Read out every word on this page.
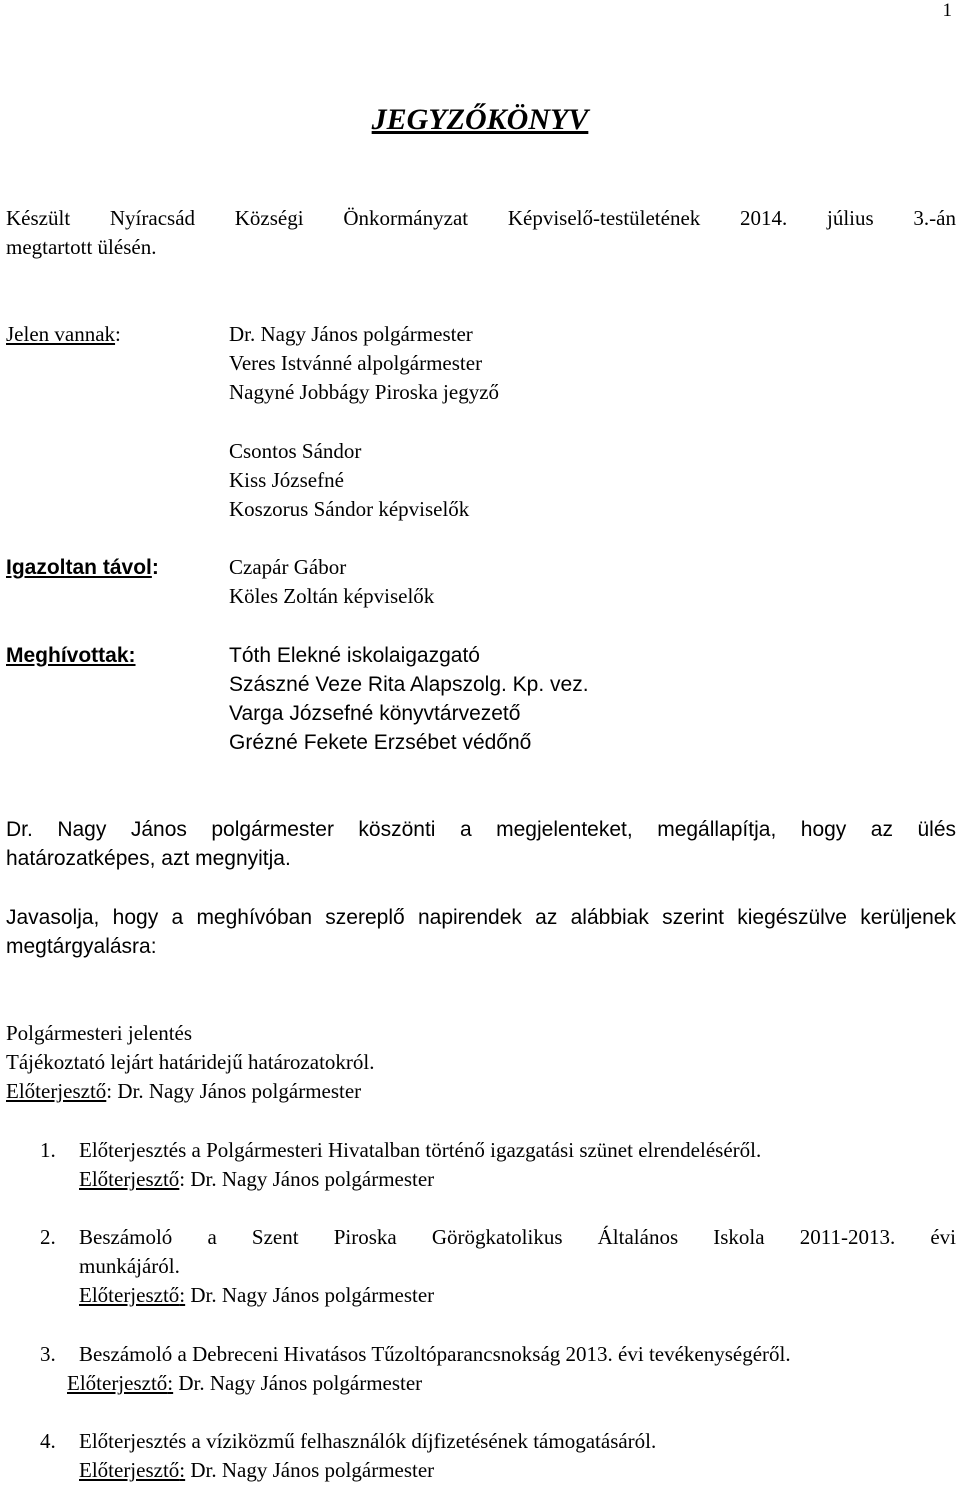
1
JEGYZŐKÖNYV
Készült Nyíracsád Községi Önkormányzat Képviselő-testületének 2014. július 3.-án
megtartott ülésén.
Jelen vannak:	Dr. Nagy János polgármester
Veres Istvánné alpolgármester
Nagyné Jobbágy Piroska jegyző
Csontos Sándor
Kiss Józsefné
Koszorus Sándor képviselők
Igazoltan távol:	Czapár Gábor
Köles Zoltán képviselők
Meghívottak:	Tóth Elekné iskolaigazgató
Szászné Veze Rita Alapszolg. Kp. vez.
Varga Józsefné könyvtárvezető
Grézné Fekete Erzsébet védőnő
Dr. Nagy János polgármester köszönti a megjelenteket, megállapítja, hogy az ülés
határozatképes, azt megnyitja.
Javasolja, hogy a meghívóban szereplő napirendek az alábbiak szerint kiegészülve kerüljenek
megtárgyalásra:
Polgármesteri jelentés
Tájékoztató lejárt határidejű határozatokról.
Előterjesztő: Dr. Nagy János polgármester
1. Előterjesztés a Polgármesteri Hivatalban történő igazgatási szünet elrendeléséről.
Előterjesztő: Dr. Nagy János polgármester
2. Beszámoló a Szent Piroska Görögkatolikus Általános Iskola 2011-2013. évi
munkájáról.
Előterjesztő: Dr. Nagy János polgármester
3. Beszámoló a Debreceni Hivatásos Tűzoltóparancsnokság 2013. évi tevékenységéről.
Előterjesztő: Dr. Nagy János polgármester
4. Előterjesztés a víziközmű felhasználók díjfizetésének támogatásáról.
Előterjesztő: Dr. Nagy János polgármester
